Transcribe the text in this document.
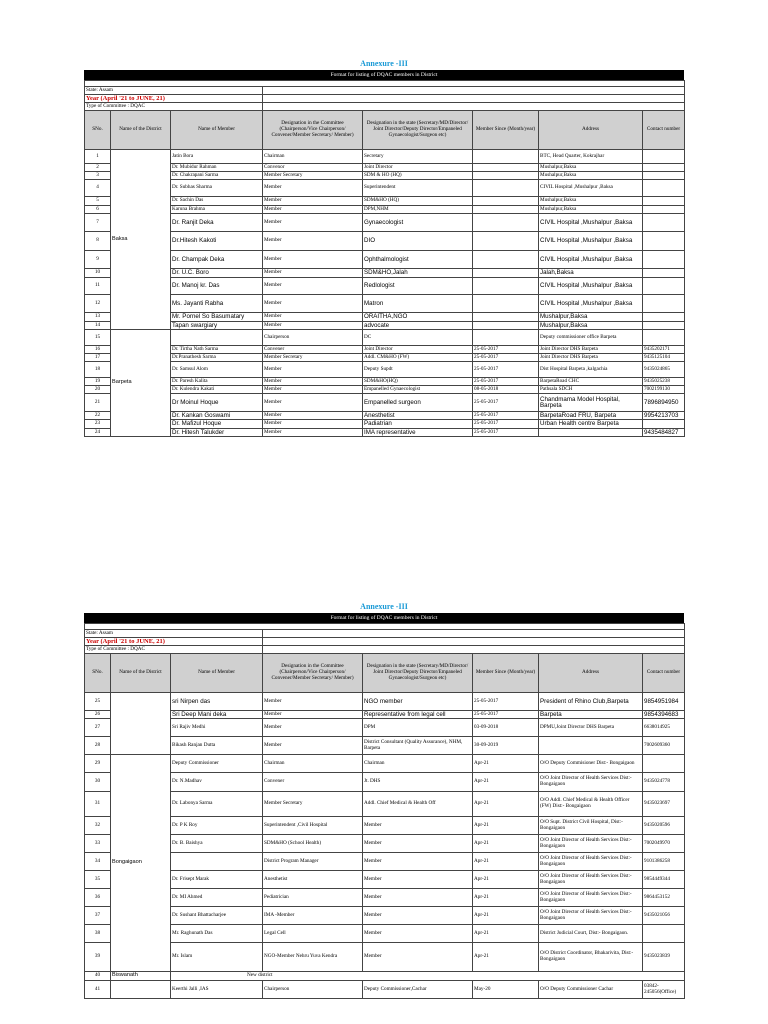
Annexure -III
Format for listing of DQAC members in District

State: Assam							
Year (April '21 to JUNE, 21)							
Type of Committee : DQAC							
SNo.	Name of the District	Name of Member	Designation in the Committee (Chairperson/Vice Chairperson/ Convener/Member Secretary/ Member)	Designation in the state (Secretary/MD/Director/ Joint Director/Deputy Director/Empaneled Gynaecologist/Surgeon etc)	Member Since (Month/year)	Address	Contact number
1	Baksa	Jatin Bora	Chairman	Secretary		BTC, Head Quarter, Kokrajhar	
2		Dr. Mubidur Rahman	Convenor	Joint Director		Mushalpur,Baksa	
3		Dr. Chakrapani Sarma	Member Secretary	SDM & HO (HQ)		Mushalpur,Baksa	
4		Dr. Subhas Sharma	Member	Superintendent		CIVIL Hospital ,Mushalpur ,Baksa	
5		Dr. Sachin Das	Member	SDM&HO (HQ)		Mushalpur,Baksa	
6		Karuna Brahma	Member	DPM,NHM		Mushalpur,Baksa	
7		Dr. Ranjit Deka	Member	Gynaecologist		CIVIL Hospital ,Mushalpur ,Baksa	
8		Dr.Hitesh Kakoti	Member	DIO		CIVIL Hospital ,Mushalpur ,Baksa	
9		Dr. Champak Deka	Member	Ophthalmologist		CIVIL Hospital ,Mushalpur ,Baksa	
10		Dr. U.C. Boro	Member	SDM&HO,Jalah		Jalah,Baksa	
11		Dr. Manoj kr. Das	Member	Redlologist		CIVIL Hospital ,Mushalpur ,Baksa	
12		Ms. Jayanti Rabha	Member	Matron		CIVIL Hospital ,Mushalpur ,Baksa	
13		Mr. Pornel So Basumatary	Member	ORAITHA,NGO		Mushalpur,Baksa	
14		Tapan swargiary	Member	advocate		Mushalpur,Baksa	
15	Barpeta		Chairperson	DC		Deputy commissioner office Barpeta	
16		Dr. Tirtha Nath Sarma	Convener	Joint Director	25-05-2017	Joint Director DHS Barpeta	9435202171
17		Dr.Pranathesh Sarma	Member Secretary	Addl. CM&HO (FW)	25-05-2017	Joint Director DHS Barpeta	9435125104
18		Dr. Samsul Alom	Member	Deputy Supdt	25-05-2017	Dist Hospital Barpeta ,kalgachia	9435024865
19		Dr. Paresh Kalita	Member	SDM&HO(HQ)	25-05-2017	BarpetaRoad CHC	9435025238
20		Dr. Kulendra Kakati	Member	Empanelled Gynaecologist	08-05-2018	Pathsala SDCH	7002199130
21		Dr Moinul Hoque	Member	Empanelled surgeon	25-05-2017	Chandmama Model Hospital, Barpeta	7896894950
22		Dr. Kankan Goswami	Member	Anesthetist	25-05-2017	BarpetaRoad FRU, Barpeta	9954213703
23		Dr. Mafizul Hoque	Member	Padiatrian	25-05-2017	Urban Health centre Barpeta	
24		Dr. Hitesh Talukder	Member	IMA representative	25-05-2017		9435484827
Annexure -III
Format for listing of DQAC members in District

State: Assam							
Year (April '21 to JUNE, 21)							
Type of Committee : DQAC							
SNo.	Name of the District	Name of Member	Designation in the Committee (Chairperson/Vice Chairperson/ Convener/Member Secretary/ Member)	Designation in the state (Secretary/MD/Director/ Joint Director/Deputy Director/Empaneled Gynaecologist/Surgeon etc)	Member Since (Month/year)	Address	Contact number
25		sri Nirpen das	Member	NGO member	25-05-2017	President of Rhino Club,Barpeta	9854951984
26		Sri Deep Mani deka	Member	Representative from legal cell	25-05-2017	Barpeta	9854394683
27		Sri Rajiv Medhi	Member	DPM	03-09-2018	DPMU,Joint Director DHS Barpeta	6638014925
28		Bikash Ranjan Dutta	Member	District Consultant (Quality Assurance), NHM, Barpeta	30-09-2019		7002609360
29	Bongaigaon	Deputy Commissioner	Chairman	Chairman	Apr-21	O/O Deputy Commisioner Dist:- Bongaigaon	
30		Dr. N.Madhav	Convener	Jt. DHS	Apr-21	O/O Joint Director of Health Services Dist:- Bongaigaon	9435024778
31		Dr. Labonya Sarma	Member Secretary	Addl. Chief Medical & Health Off	Apr-21	O/O Addl. Chief Medical & Health Officer (FW) Dist:- Bongaigaon	9435023697
32		Dr. P K Roy	Superintendent ,Civil Hospital	Member	Apr-21	O/O Supt. District Civil Hospital, Dist:- Bongaigaon	9435020596
33		Dr. B. Baishya	SDM&HO (School Health)	Member	Apr-21	O/O Joint Director of Health Services Dist:- Bongaigaon	7002049970
34			District Program Manager	Member	Apr-21	O/O Joint Director of Health Services Dist:- Bongaigaon	9101386258
35		Dr. Frisept Marak	Anesthetist	Member	Apr-21	O/O Joint Director of Health Services Dist:- Bongaigaon	9854449344
36		Dr. MI Ahmed	Pediatrician	Member	Apr-21	O/O Joint Director of Health Services Dist:- Bongaigaon	9864453152
37		Dr. Sushant Bhattacharjee	IMA -Member	Member	Apr-21	O/O Joint Director of Health Services Dist:- Bongaigaon	9435021056
38		Mr. Raghunath Das	Legal Cell	Member	Apr-21	District Judicial Court, Dist:- Bongaigaon.	
39		Mr. Islam	NGO-Member Nehru Yuva Kendra	Member	Apr-21	O/O District Coordinator, Bhakarivita, Dist:- Bongaigaon	9435023839
40	Biswanath	New district					
41		Keerthi Jalli ,IAS	Chairperson	Deputy Commissioner,Cachar	May-20	O/O Deputy Commissioner Cachar	03842-245056(Office)
